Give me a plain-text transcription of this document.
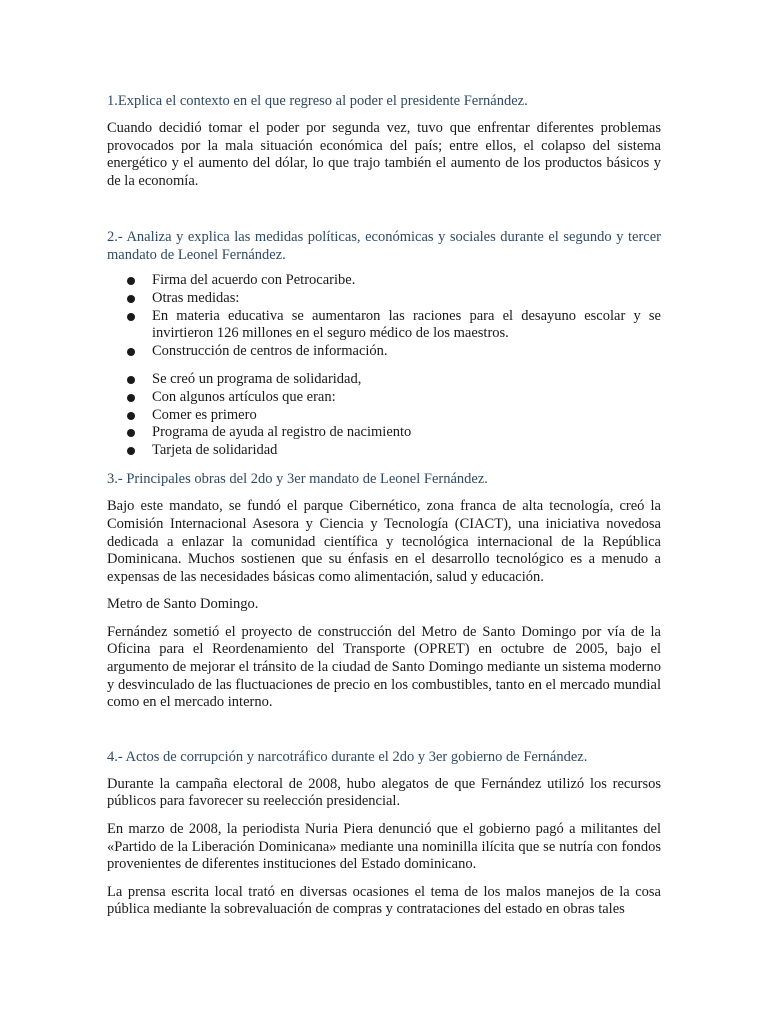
1.Explica el contexto en el que regreso al poder el presidente Fernández.

Cuando decidió tomar el poder por segunda vez, tuvo que enfrentar diferentes problemas provocados por la mala situación económica del país; entre ellos, el colapso del sistema energético y el aumento del dólar, lo que trajo también el aumento de los productos básicos y de la economía.

2.- Analiza y explica las medidas políticas, económicas y sociales durante el segundo y tercer mandato de Leonel Fernández.

Firma del acuerdo con Petrocaribe.
Otras medidas:
En materia educativa se aumentaron las raciones para el desayuno escolar y se invirtieron 126 millones en el seguro médico de los maestros.
Construcción de centros de información.
Se creó un programa de solidaridad,
Con algunos artículos que eran:
Comer es primero
Programa de ayuda al registro de nacimiento
Tarjeta de solidaridad

3.- Principales obras del 2do y 3er mandato de Leonel Fernández.

Bajo este mandato, se fundó el parque Cibernético, zona franca de alta tecnología, creó la Comisión Internacional Asesora y Ciencia y Tecnología (CIACT), una iniciativa novedosa dedicada a enlazar la comunidad científica y tecnológica internacional de la República Dominicana. Muchos sostienen que su énfasis en el desarrollo tecnológico es a menudo a expensas de las necesidades básicas como alimentación, salud y educación.

Metro de Santo Domingo.

Fernández sometió el proyecto de construcción del Metro de Santo Domingo por vía de la Oficina para el Reordenamiento del Transporte (OPRET) en octubre de 2005, bajo el argumento de mejorar el tránsito de la ciudad de Santo Domingo mediante un sistema moderno y desvinculado de las fluctuaciones de precio en los combustibles, tanto en el mercado mundial como en el mercado interno.

4.- Actos de corrupción y narcotráfico durante el 2do y 3er gobierno de Fernández.

Durante la campaña electoral de 2008, hubo alegatos de que Fernández utilizó los recursos públicos para favorecer su reelección presidencial.

En marzo de 2008, la periodista Nuria Piera denunció que el gobierno pagó a militantes del «Partido de la Liberación Dominicana» mediante una nominilla ilícita que se nutría con fondos provenientes de diferentes instituciones del Estado dominicano.

La prensa escrita local trató en diversas ocasiones el tema de los malos manejos de la cosa pública mediante la sobrevaluación de compras y contrataciones del estado en obras tales
